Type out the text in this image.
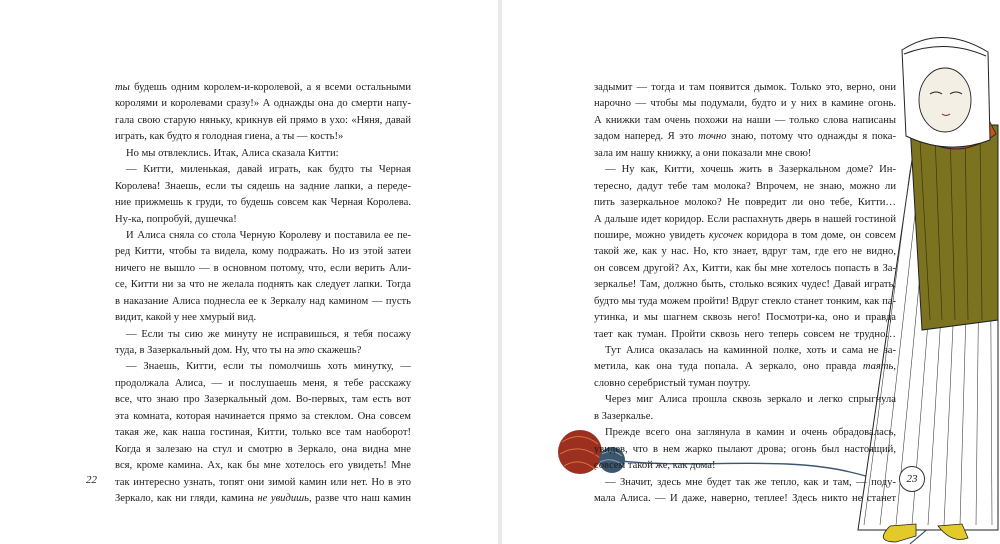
ты будешь одним королем-и-королевой, а я всеми остальными
королями и королевами сразу!» А однажды она до смерти напу-
гала свою старую няньку, крикнув ей прямо в ухо: «Няня, давай
играть, как будто я голодная гиена, а ты — кость!»
Но мы отвлеклись. Итак, Алиса сказала Китти:
— Китти, миленькая, давай играть, как будто ты Черная
Королева! Знаешь, если ты сядешь на задние лапки, а переде-
ние прижмешь к груди, то будешь совсем как Черная Королева.
Ну-ка, попробуй, душечка!
И Алиса сняла со стола Черную Королеву и поставила ее пе-
ред Китти, чтобы та видела, кому подражать. Но из этой затеи
ничего не вышло — в основном потому, что, если верить Али-
се, Китти ни за что не желала поднять как следует лапки. Тогда
в наказание Алиса поднесла ее к Зеркалу над камином — пусть
видит, какой у нее хмурый вид.
— Если ты сию же минуту не исправишься, я тебя посажу
туда, в Зазеркальный дом. Ну, что ты на это скажешь?
— Знаешь, Китти, если ты помолчишь хоть минутку, —
продолжала Алиса, — и послушаешь меня, я тебе расскажу
все, что знаю про Зазеркальный дом. Во-первых, там есть вот
эта комната, которая начинается прямо за стеклом. Она совсем
такая же, как наша гостиная, Китти, только все там наоборот!
Когда я залезаю на стул и смотрю в Зеркало, она видна мне
вся, кроме камина. Ах, как бы мне хотелось его увидеть! Мне
так интересно узнать, топят они зимой камин или нет. Но в это
Зеркало, как ни гляди, камина не увидишь, разве что наш камин
22
задымит — тогда и там появится дымок. Только это, верно, они
нарочно — чтобы мы подумали, будто и у них в камине огонь.
А книжки там очень похожи на наши — только слова написаны
задом наперед. Я это точно знаю, потому что однажды я пока-
зала им нашу книжку, а они показали мне свою!
— Ну как, Китти, хочешь жить в Зазеркальном доме? Ин-
тересно, дадут тебе там молока? Впрочем, не знаю, можно ли
пить зазеркальное молоко? Не повредит ли оно тебе, Китти…
А дальше идет коридор. Если распахнуть дверь в нашей гостиной
пошире, можно увидеть кусочек коридора в том доме, он совсем
такой же, как у нас. Но, кто знает, вдруг там, где его не видно,
он совсем другой? Ах, Китти, как бы мне хотелось попасть в За-
зеркалье! Там, должно быть, столько всяких чудес! Давай играть,
будто мы туда можем пройти! Вдруг стекло станет тонким, как па-
утинка, и мы шагнем сквозь него! Посмотри-ка, оно и правда
тает как туман. Пройти сквозь него теперь совсем не трудно…
Тут Алиса оказалась на каминной полке, хоть и сама не за-
метила, как она туда попала. А зеркало, оно правда таять,
словно серебристый туман поутру.
Через миг Алиса прошла сквозь зеркало и легко спрыгнула
в Зазеркалье.
Прежде всего она заглянула в камин и очень обрадовалась,
увидев, что в нем жарко пылают дрова; огонь был настоящий,
совсем такой же, как дома!
— Значит, здесь мне будет так же тепло, как и там, — поду-
мала Алиса. — И даже, наверно, теплее! Здесь никто не станет
23
